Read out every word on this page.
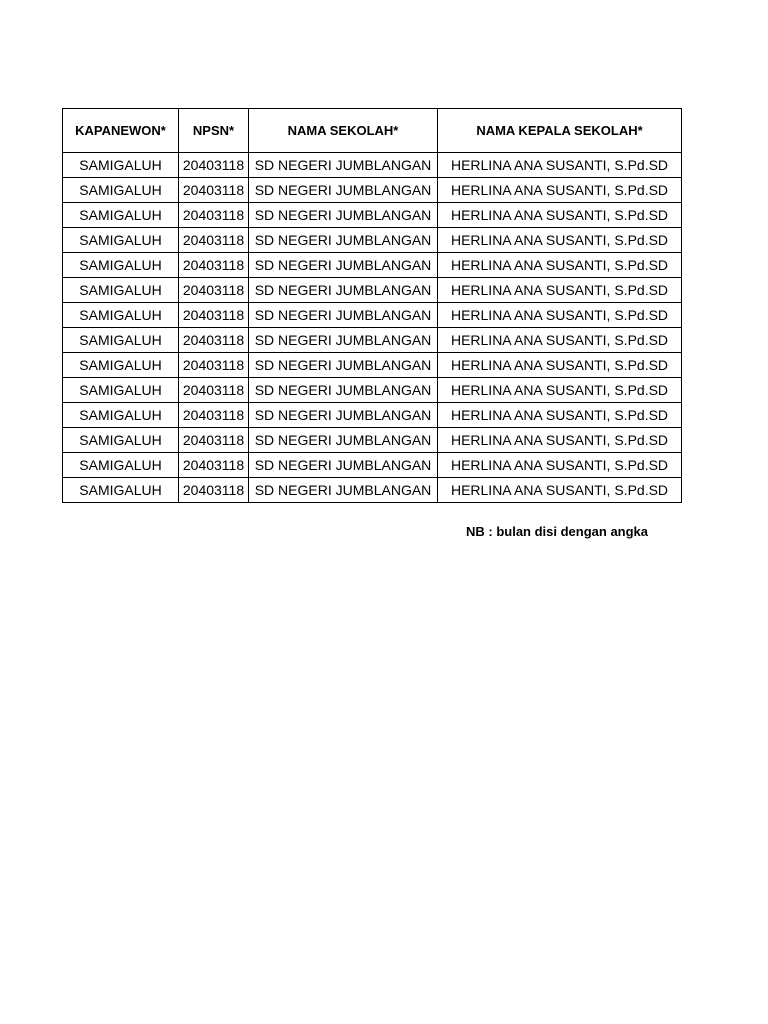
KAPANEWON*	NPSN*	NAMA SEKOLAH*	NAMA KEPALA SEKOLAH*
SAMIGALUH	20403118	SD NEGERI JUMBLANGAN	HERLINA ANA SUSANTI, S.Pd.SD
SAMIGALUH	20403118	SD NEGERI JUMBLANGAN	HERLINA ANA SUSANTI, S.Pd.SD
SAMIGALUH	20403118	SD NEGERI JUMBLANGAN	HERLINA ANA SUSANTI, S.Pd.SD
SAMIGALUH	20403118	SD NEGERI JUMBLANGAN	HERLINA ANA SUSANTI, S.Pd.SD
SAMIGALUH	20403118	SD NEGERI JUMBLANGAN	HERLINA ANA SUSANTI, S.Pd.SD
SAMIGALUH	20403118	SD NEGERI JUMBLANGAN	HERLINA ANA SUSANTI, S.Pd.SD
SAMIGALUH	20403118	SD NEGERI JUMBLANGAN	HERLINA ANA SUSANTI, S.Pd.SD
SAMIGALUH	20403118	SD NEGERI JUMBLANGAN	HERLINA ANA SUSANTI, S.Pd.SD
SAMIGALUH	20403118	SD NEGERI JUMBLANGAN	HERLINA ANA SUSANTI, S.Pd.SD
SAMIGALUH	20403118	SD NEGERI JUMBLANGAN	HERLINA ANA SUSANTI, S.Pd.SD
SAMIGALUH	20403118	SD NEGERI JUMBLANGAN	HERLINA ANA SUSANTI, S.Pd.SD
SAMIGALUH	20403118	SD NEGERI JUMBLANGAN	HERLINA ANA SUSANTI, S.Pd.SD
SAMIGALUH	20403118	SD NEGERI JUMBLANGAN	HERLINA ANA SUSANTI, S.Pd.SD
SAMIGALUH	20403118	SD NEGERI JUMBLANGAN	HERLINA ANA SUSANTI, S.Pd.SD
NB : bulan disi dengan angka
